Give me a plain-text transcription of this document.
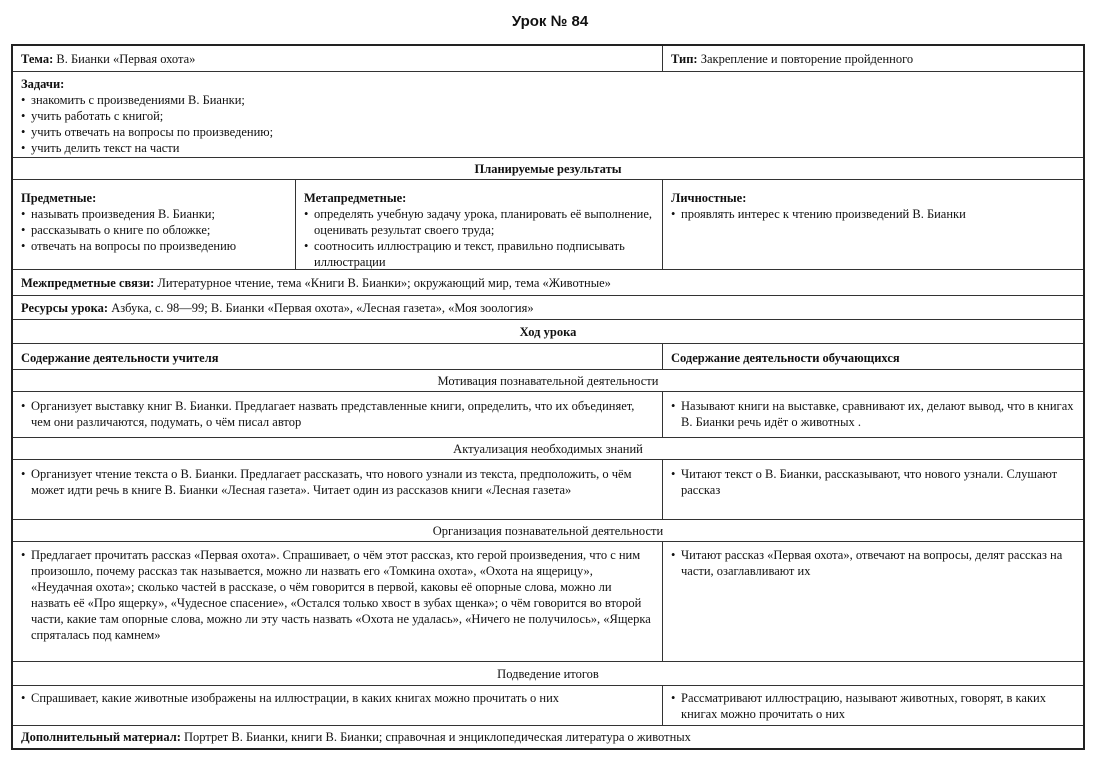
Урок № 84
Тема: В. Бианки «Первая охота»	Тип: Закрепление и повторение пройденного
Задачи:
• знакомить с произведениями В. Бианки;
• учить работать с книгой;
• учить отвечать на вопросы по произведению;
• учить делить текст на части
Планируемые результаты
Предметные:
• называть произведения В. Бианки;
• рассказывать о книге по обложке;
• отвечать на вопросы по произведению
Метапредметные:
• определять учебную задачу урока, планировать её выполнение, оценивать результат своего труда;
• соотносить иллюстрацию и текст, правильно подписывать иллюстрации
Личностные:
• проявлять интерес к чтению произведений В. Бианки
Межпредметные связи: Литературное чтение, тема «Книги В. Бианки»; окружающий мир, тема «Животные»
Ресурсы урока: Азбука, с. 98—99; В. Бианки «Первая охота», «Лесная газета», «Моя зоология»
Ход урока
Содержание деятельности учителя	Содержание деятельности обучающихся
Мотивация познавательной деятельности
• Организует выставку книг В. Бианки. Предлагает назвать представленные книги, определить, что их объединяет, чем они различаются, подумать, о чём писал автор
• Называют книги на выставке, сравнивают их, делают вывод, что в книгах В. Бианки речь идёт о животных .
Актуализация необходимых знаний
• Организует чтение текста о В. Бианки. Предлагает рассказать, что нового узнали из текста, предположить, о чём может идти речь в книге В. Бианки «Лесная газета». Читает один из рассказов книги «Лесная газета»
• Читают текст о В. Бианки, рассказывают, что нового узнали. Слушают рассказ
Организация познавательной деятельности
• Предлагает прочитать рассказ «Первая охота». Спрашивает, о чём этот рассказ, кто герой произведения, что с ним произошло, почему рассказ так называется, можно ли назвать его «Томкина охота», «Охота на ящерицу», «Неудачная охота»; сколько частей в рассказе, о чём говорится в первой, каковы её опорные слова, можно ли назвать её «Про ящерку», «Чудесное спасение», «Остался только хвост в зубах щенка»; о чём говорится во второй части, какие там опорные слова, можно ли эту часть назвать «Охота не удалась», «Ничего не получилось», «Ящерка спряталась под камнем»
• Читают рассказ «Первая охота», отвечают на вопросы, делят рассказ на части, озаглавливают их
Подведение итогов
• Спрашивает, какие животные изображены на иллюстрации, в каких книгах можно прочитать о них
•	Рассматривают иллюстрацию, называют животных, говорят, в каких книгах можно прочитать о них
Дополнительный материал: Портрет В. Бианки, книги В. Бианки; справочная и энциклопедическая литература о животных
